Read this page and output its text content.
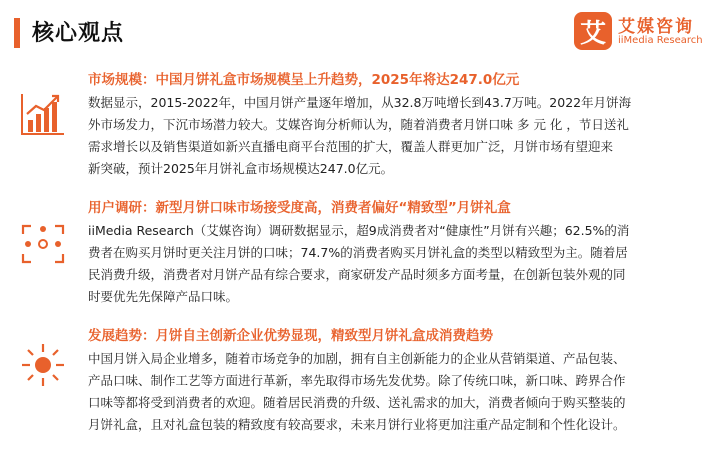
核心观点	艾 艾媒咨询
iiMedia Research
市场规模：中国月饼礼盒市场规模呈上升趋势，2025年将达247.0亿元

数据显示，2015-2022年，中国月饼产量逐年增加，从32.8万吨增长到43.7万吨。2022年月饼海
外市场发力，下沉市场潜力较大。艾媒咨询分析师认为，随着消费者月饼口味 多 元 化 ，节日送礼
需求增长以及销售渠道如新兴直播电商平台范围的扩大，覆盖人群更加广泛，月饼市场有望迎来
新突破，预计2025年月饼礼盒市场规模达247.0亿元。

用户调研：新型月饼口味市场接受度高，消费者偏好“精致型”月饼礼盒

iiMedia Research（艾媒咨询）调研数据显示，超9成消费者对“健康性”月饼有兴趣；62.5%的消
费者在购买月饼时更关注月饼的口味；74.7%的消费者购买月饼礼盒的类型以精致型为主。随着居
民消费升级，消费者对月饼产品有综合要求，商家研发产品时须多方面考量，在创新包装外观的同
时要优先先保障产品口味。

发展趋势：月饼自主创新企业优势显现，精致型月饼礼盒成消费趋势

中国月饼入局企业增多，随着市场竞争的加剧，拥有自主创新能力的企业从营销渠道、产品包装、
产品口味、制作工艺等方面进行革新，率先取得市场先发优势。除了传统口味，新口味、跨界合作
口味等都将受到消费者的欢迎。随着居民消费的升级、送礼需求的加大，消费者倾向于购买整装的
月饼礼盒，且对礼盒包装的精致度有较高要求，未来月饼行业将更加注重产品定制和个性化设计。
